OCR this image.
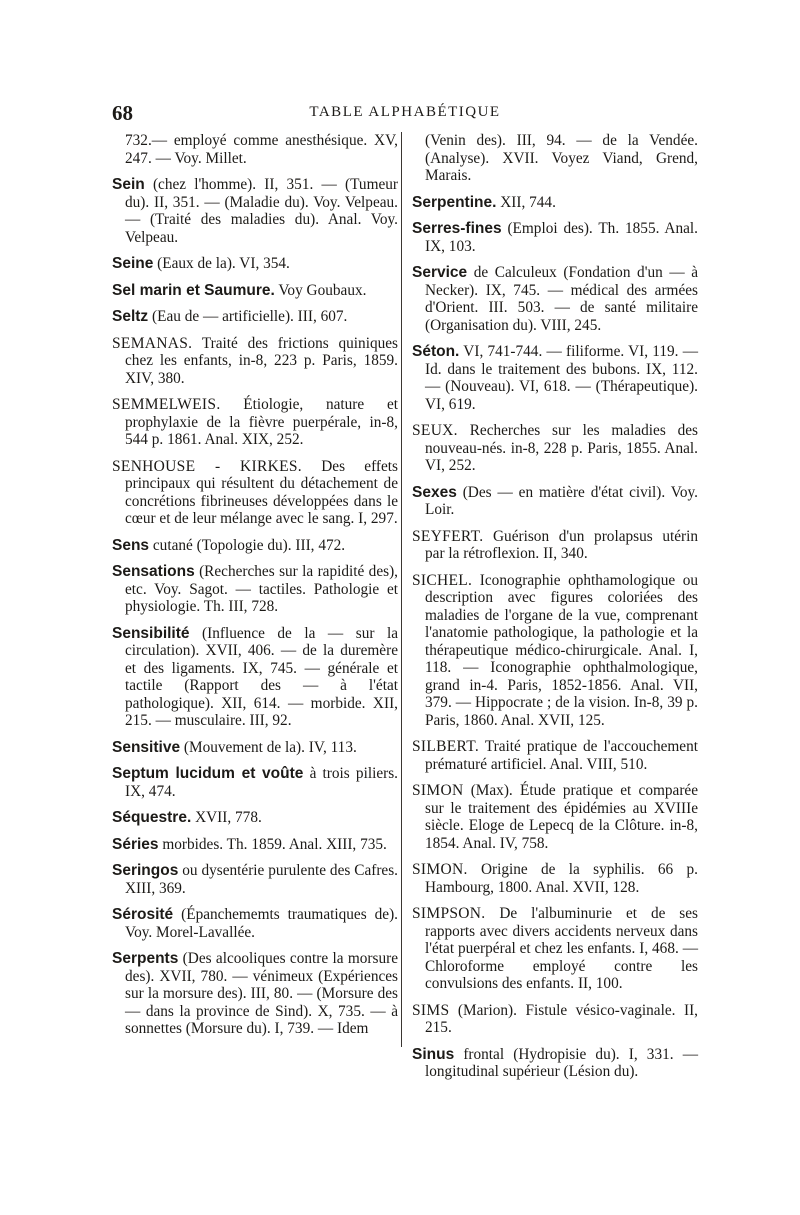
68	TABLE ALPHABÉTIQUE

732.— employé comme anesthésique. XV, 247. — Voy. Millet.

Sein (chez l'homme). II, 351. — (Tumeur du). II, 351. — (Maladie du). Voy. Velpeau. — (Traité des maladies du). Anal. Voy. Velpeau.

Seine (Eaux de la). VI, 354.

Sel marin et Saumure. Voy Goubaux.

Seltz (Eau de — artificielle). III, 607.

SEMANAS. Traité des frictions quiniques chez les enfants, in-8, 223 p. Paris, 1859. XIV, 380.

SEMMELWEIS. Étiologie, nature et prophylaxie de la fièvre puerpérale, in-8, 544 p. 1861. Anal. XIX, 252.

SENHOUSE - KIRKES. Des effets principaux qui résultent du détachement de concrétions fibrineuses développées dans le cœur et de leur mélange avec le sang. I, 297.

Sens cutané (Topologie du). III, 472.

Sensations (Recherches sur la rapidité des), etc. Voy. Sagot. — tactiles. Pathologie et physiologie. Th. III, 728.

Sensibilité (Influence de la — sur la circulation). XVII, 406. — de la duremère et des ligaments. IX, 745. — générale et tactile (Rapport des — à l'état pathologique). XII, 614. — morbide. XII, 215. — musculaire. III, 92.

Sensitive (Mouvement de la). IV, 113.

Septum lucidum et voûte à trois piliers. IX, 474.

Séquestre. XVII, 778.

Séries morbides. Th. 1859. Anal. XIII, 735.

Seringos ou dysentérie purulente des Cafres. XIII, 369.

Sérosité (Épanchememts traumatiques de). Voy. Morel-Lavallée.

Serpents (Des alcooliques contre la morsure des). XVII, 780. — vénimeux (Expériences sur la morsure des). III, 80. — (Morsure des — dans la province de Sind). X, 735. — à sonnettes (Morsure du). I, 739. — Idem

(Venin des). III, 94. — de la Vendée. (Analyse). XVII. Voyez Viand, Grend, Marais.

Serpentine. XII, 744.

Serres-fines (Emploi des). Th. 1855. Anal. IX, 103.

Service de Calculeux (Fondation d'un — à Necker). IX, 745. — médical des armées d'Orient. III. 503. — de santé militaire (Organisation du). VIII, 245.

Séton. VI, 741-744. — filiforme. VI, 119. — Id. dans le traitement des bubons. IX, 112. — (Nouveau). VI, 618. — (Thérapeutique). VI, 619.

SEUX. Recherches sur les maladies des nouveau-nés. in-8, 228 p. Paris, 1855. Anal. VI, 252.

Sexes (Des — en matière d'état civil). Voy. Loir.

SEYFERT. Guérison d'un prolapsus utérin par la rétroflexion. II, 340.

SICHEL. Iconographie ophthamologique ou description avec figures coloriées des maladies de l'organe de la vue, comprenant l'anatomie pathologique, la pathologie et la thérapeutique médico-chirurgicale. Anal. I, 118. — Iconographie ophthalmologique, grand in-4. Paris, 1852-1856. Anal. VII, 379. — Hippocrate ; de la vision. In-8, 39 p. Paris, 1860. Anal. XVII, 125.

SILBERT. Traité pratique de l'accouchement prématuré artificiel. Anal. VIII, 510.

SIMON (Max). Étude pratique et comparée sur le traitement des épidémies au XVIIIe siècle. Eloge de Lepecq de la Clôture. in-8, 1854. Anal. IV, 758.

SIMON. Origine de la syphilis. 66 p. Hambourg, 1800. Anal. XVII, 128.

SIMPSON. De l'albuminurie et de ses rapports avec divers accidents nerveux dans l'état puerpéral et chez les enfants. I, 468. — Chloroforme employé contre les convulsions des enfants. II, 100.

SIMS (Marion). Fistule vésico-vaginale. II, 215.

Sinus frontal (Hydropisie du). I, 331. — longitudinal supérieur (Lésion du).
